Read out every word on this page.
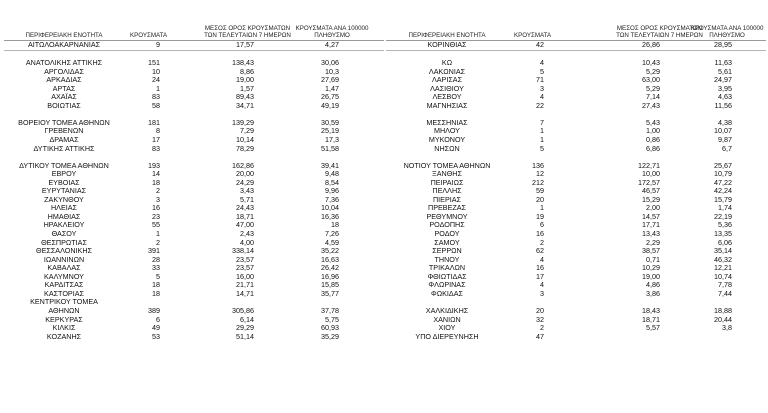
ΠΕΡΙΦΕΡΕΙΑΚΗ ΕΝΟΤΗΤΑ	ΚΡΟΥΣΜΑΤΑ
ΜΕΣΟΣ ΟΡΟΣ ΚΡΟΥΣΜΑΤΩΝ ΤΩΝ ΤΕΛΕΥΤΑΙΩΝ 7 ΗΜΕΡΩΝ
ΚΡΟΥΣΜΑΤΑ ΑΝΑ 100000 ΠΛΗΘΥΣΜΟ
ΑΙΤΩΛΟΑΚΑΡΝΑΝΙΑΣ	9	17,57	4,27
ΑΝΑΤΟΛΙΚΗΣ ΑΤΤΙΚΗΣ	151	138,43	30,06
ΑΡΓΟΛΙΔΑΣ	10	8,86	10,3
ΑΡΚΑΔΙΑΣ	24	19,00	27,69
ΑΡΤΑΣ	1	1,57	1,47
ΑΧΑΪΑΣ	83	89,43	26,75
ΒΟΙΩΤΙΑΣ	58	34,71	49,19
ΒΟΡΕΙΟΥ ΤΟΜΕΑ ΑΘΗΝΩΝ	181	139,29	30,59
ΓΡΕΒΕΝΩΝ	8	7,29	25,19
ΔΡΑΜΑΣ	17	10,14	17,3
ΔΥΤΙΚΗΣ ΑΤΤΙΚΗΣ	83	78,29	51,58
ΔΥΤΙΚΟΥ ΤΟΜΕΑ ΑΘΗΝΩΝ	193	162,86	39,41
ΕΒΡΟΥ	14	20,00	9,48
ΕΥΒΟΙΑΣ	18	24,29	8,54
ΕΥΡΥΤΑΝΙΑΣ	2	3,43	9,96
ΖΑΚΥΝΘΟΥ	3	5,71	7,36
ΗΛΕΙΑΣ	16	24,43	10,04
ΗΜΑΘΙΑΣ	23	18,71	16,36
ΗΡΑΚΛΕΙΟΥ	55	47,00	18
ΘΑΣΟΥ	1	2,43	7,26
ΘΕΣΠΡΩΤΙΑΣ	2	4,00	4,59
ΘΕΣΣΑΛΟΝΙΚΗΣ	391	338,14	35,22
ΙΩΑΝΝΙΝΩΝ	28	23,57	16,63
ΚΑΒΑΛΑΣ	33	23,57	26,42
ΚΑΛΥΜΝΟΥ	5	16,00	16,96
ΚΑΡΔΙΤΣΑΣ	18	21,71	15,85
ΚΑΣΤΟΡΙΑΣ	18	14,71	35,77
ΚΕΝΤΡΙΚΟΥ ΤΟΜΕΑ
ΑΘΗΝΩΝ	389	305,86	37,78
ΚΕΡΚΥΡΑΣ	6	6,14	5,75
ΚΙΛΚΙΣ	49	29,29	60,93
ΚΟΖΑΝΗΣ	53	51,14	35,29
ΠΕΡΙΦΕΡΕΙΑΚΗ ΕΝΟΤΗΤΑ	ΚΡΟΥΣΜΑΤΑ
ΜΕΣΟΣ ΟΡΟΣ ΚΡΟΥΣΜΑΤΩΝ ΤΩΝ ΤΕΛΕΥΤΑΙΩΝ 7 ΗΜΕΡΩΝ
ΚΡΟΥΣΜΑΤΑ ΑΝΑ 100000 ΠΛΗΘΥΣΜΟ
ΚΟΡΙΝΘΙΑΣ	42	26,86	28,95
ΚΩ	4	10,43	11,63
ΛΑΚΩΝΙΑΣ	5	5,29	5,61
ΛΑΡΙΣΑΣ	71	63,00	24,97
ΛΑΣΙΘΙΟΥ	3	5,29	3,95
ΛΕΣΒΟΥ	4	7,14	4,63
ΜΑΓΝΗΣΙΑΣ	22	27,43	11,56
ΜΕΣΣΗΝΙΑΣ	7	5,43	4,38
ΜΗΛΟΥ	1	1,00	10,07
ΜΥΚΟΝΟΥ	1	0,86	9,87
ΝΗΣΩΝ	5	6,86	6,7
ΝΟΤΙΟΥ ΤΟΜΕΑ ΑΘΗΝΩΝ	136	122,71	25,67
ΞΑΝΘΗΣ	12	10,00	10,79
ΠΕΙΡΑΙΩΣ	212	172,57	47,22
ΠΕΛΛΗΣ	59	46,57	42,24
ΠΙΕΡΙΑΣ	20	15,29	15,79
ΠΡΕΒΕΖΑΣ	1	2,00	1,74
ΡΕΘΥΜΝΟΥ	19	14,57	22,19
ΡΟΔΟΠΗΣ	6	17,71	5,36
ΡΟΔΟΥ	16	13,43	13,35
ΣΑΜΟΥ	2	2,29	6,06
ΣΕΡΡΩΝ	62	38,57	35,14
ΤΗΝΟΥ	4	0,71	46,32
ΤΡΙΚΑΛΩΝ	16	10,29	12,21
ΦΘΙΩΤΙΔΑΣ	17	19,00	10,74
ΦΛΩΡΙΝΑΣ	4	4,86	7,78
ΦΩΚΙΔΑΣ	3	3,86	7,44
ΧΑΛΚΙΔΙΚΗΣ	20	18,43	18,88
ΧΑΝΙΩΝ	32	18,71	20,44
ΧΙΟΥ	2	5,57	3,8
ΥΠΟ ΔΙΕΡΕΥΝΗΣΗ	47
